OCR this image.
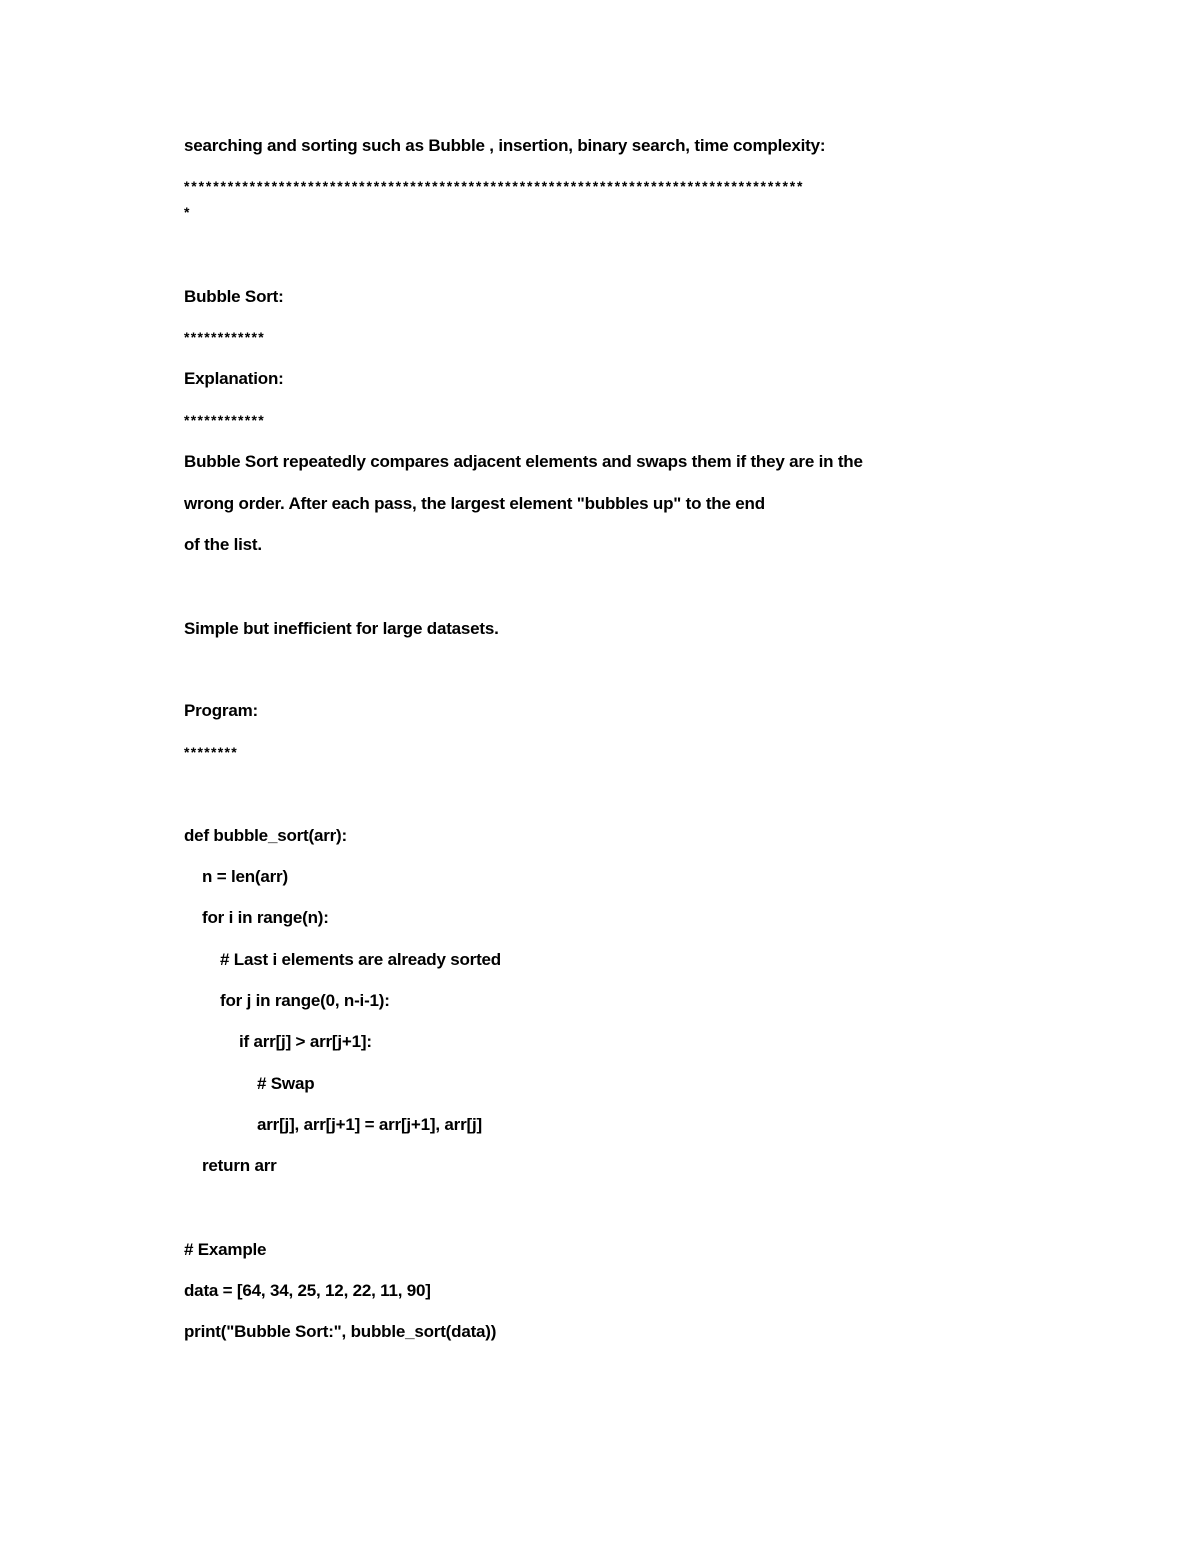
searching and sorting such as Bubble , insertion, binary search, time complexity:
*************************************************************************************
*
Bubble Sort:
************
Explanation:
************
Bubble Sort repeatedly compares adjacent elements and swaps them if they are in the
wrong order. After each pass, the largest element "bubbles up" to the end
of the list.
Simple but inefficient for large datasets.
Program:
********
def bubble_sort(arr):
n = len(arr)
for i in range(n):
# Last i elements are already sorted
for j in range(0, n-i-1):
if arr[j] > arr[j+1]:
# Swap
arr[j], arr[j+1] = arr[j+1], arr[j]
return arr
# Example
data = [64, 34, 25, 12, 22, 11, 90]
print("Bubble Sort:", bubble_sort(data))
